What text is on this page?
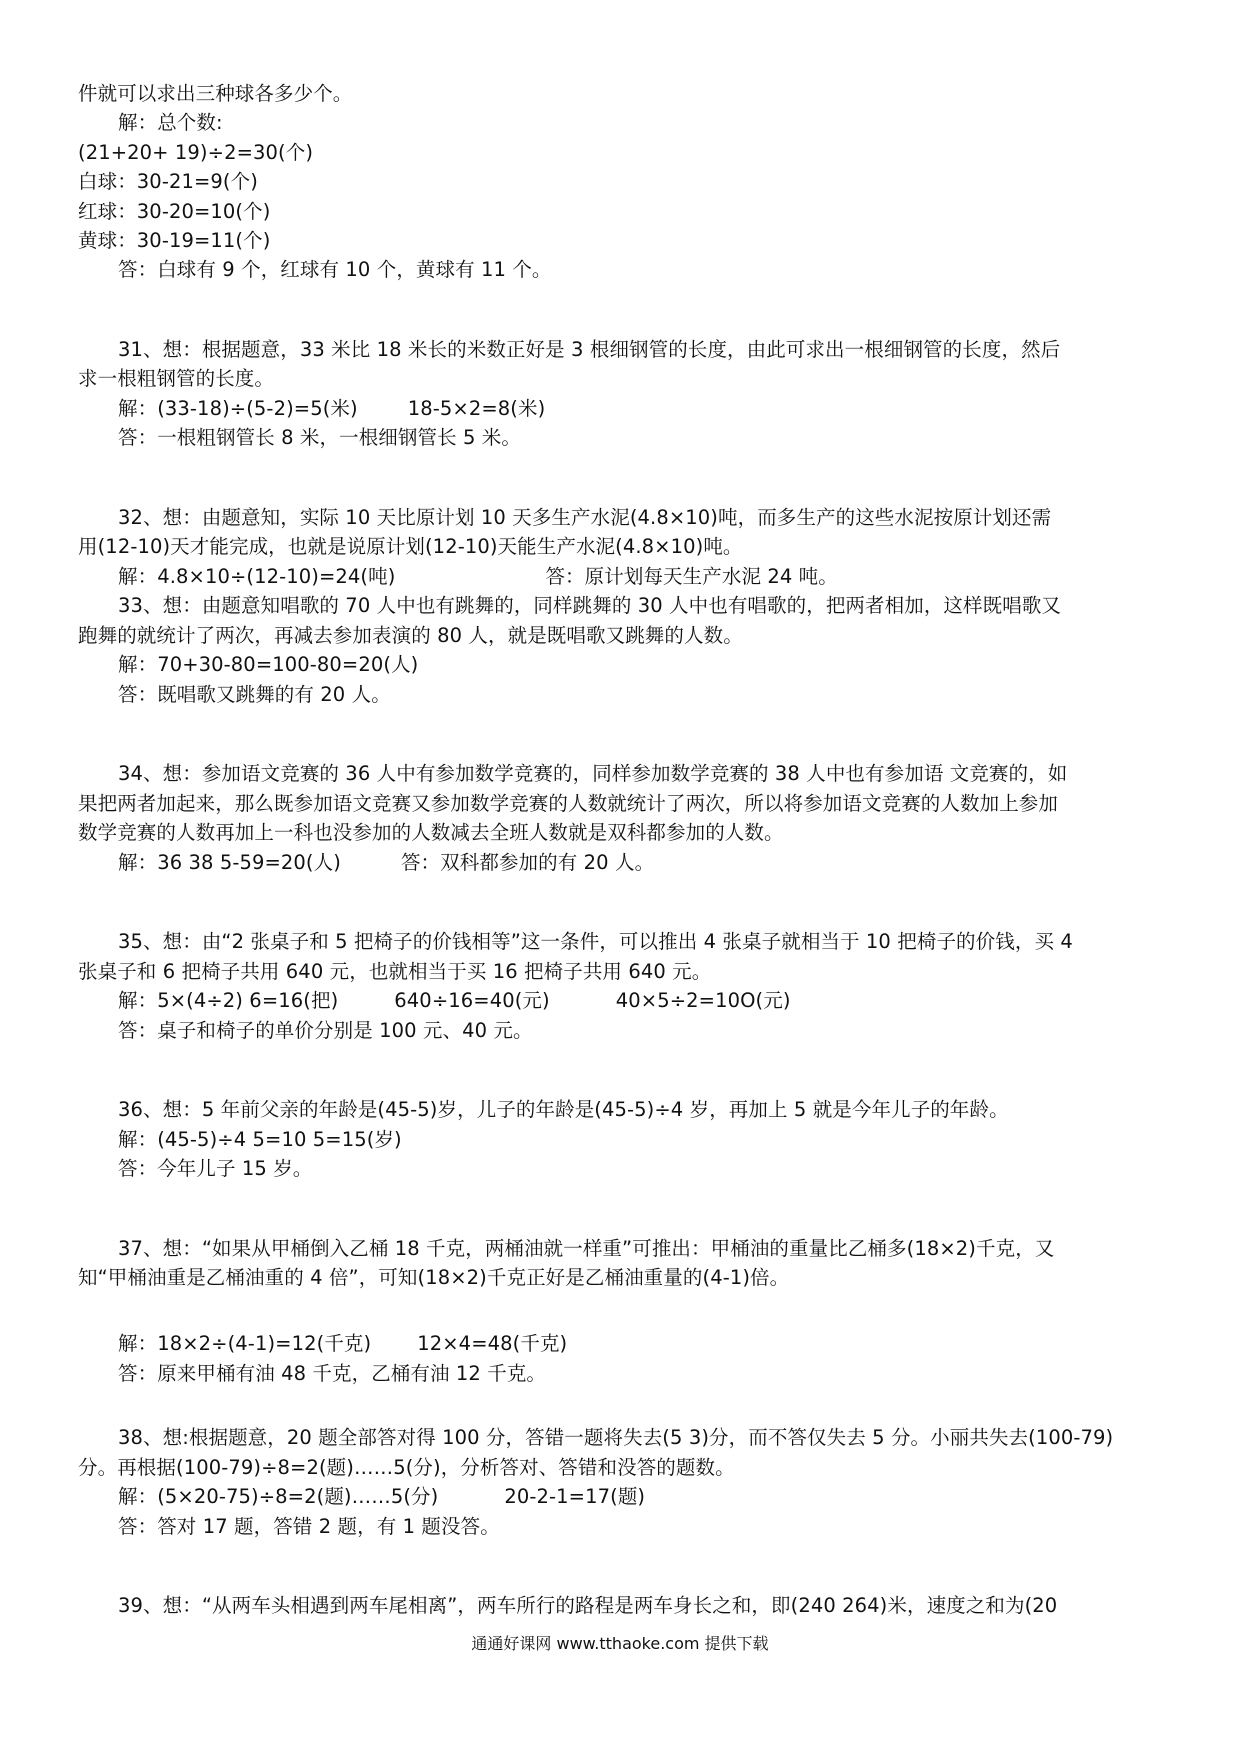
件就可以求出三种球各多少个。
解：总个数:
(21+20+ 19)÷2=30(个)
白球：30-21=9(个)
红球：30-20=10(个)
黄球：30-19=11(个)
答：白球有 9 个，红球有 10 个，黄球有 11 个。
31、想：根据题意，33 米比 18 米长的米数正好是 3 根细钢管的长度，由此可求出一根细钢管的长度，然后
求一根粗钢管的长度。
解：(33-18)÷(5-2)=5(米)	18-5×2=8(米)
答：一根粗钢管长 8 米，一根细钢管长 5 米。
32、想：由题意知，实际 10 天比原计划 10 天多生产水泥(4.8×10)吨，而多生产的这些水泥按原计划还需
用(12-10)天才能完成，也就是说原计划(12-10)天能生产水泥(4.8×10)吨。
解：4.8×10÷(12-10)=24(吨)	答：原计划每天生产水泥 24 吨。
33、想：由题意知唱歌的 70 人中也有跳舞的，同样跳舞的 30 人中也有唱歌的，把两者相加，这样既唱歌又
跑舞的就统计了两次，再减去参加表演的 80 人，就是既唱歌又跳舞的人数。
解：70+30-80=100-80=20(人)
答：既唱歌又跳舞的有 20 人。
34、想：参加语文竞赛的 36 人中有参加数学竞赛的，同样参加数学竞赛的 38 人中也有参加语 文竞赛的，如
果把两者加起来，那么既参加语文竞赛又参加数学竞赛的人数就统计了两次，所以将参加语文竞赛的人数加上参加
数学竞赛的人数再加上一科也没参加的人数减去全班人数就是双科都参加的人数。
解：36 38 5-59=20(人)	答：双科都参加的有 20 人。
35、想：由“2 张桌子和 5 把椅子的价钱相等”这一条件，可以推出 4 张桌子就相当于 10 把椅子的价钱，买 4
张桌子和 6 把椅子共用 640 元，也就相当于买 16 把椅子共用 640 元。
解：5×(4÷2) 6=16(把)	640÷16=40(元)	40×5÷2=10O(元)
答：桌子和椅子的单价分别是 100 元、40 元。
36、想：5 年前父亲的年龄是(45-5)岁，儿子的年龄是(45-5)÷4 岁，再加上 5 就是今年儿子的年龄。
解：(45-5)÷4 5=10 5=15(岁)
答：今年儿子 15 岁。
37、想：“如果从甲桶倒入乙桶 18 千克，两桶油就一样重”可推出：甲桶油的重量比乙桶多(18×2)千克，又
知“甲桶油重是乙桶油重的 4 倍”，可知(18×2)千克正好是乙桶油重量的(4-1)倍。
解：18×2÷(4-1)=12(千克) 12×4=48(千克)
答：原来甲桶有油 48 千克，乙桶有油 12 千克。
38、想:根据题意，20 题全部答对得 100 分，答错一题将失去(5 3)分，而不答仅失去 5 分。小丽共失去(100-79)
分。再根据(100-79)÷8=2(题)……5(分)，分析答对、答错和没答的题数。
解：(5×20-75)÷8=2(题)……5(分)	20-2-1=17(题)
答：答对 17 题，答错 2 题，有 1 题没答。
39、想：“从两车头相遇到两车尾相离”，两车所行的路程是两车身长之和，即(240 264)米，速度之和为(20
通通好课网 www.tthaoke.com 提供下载
